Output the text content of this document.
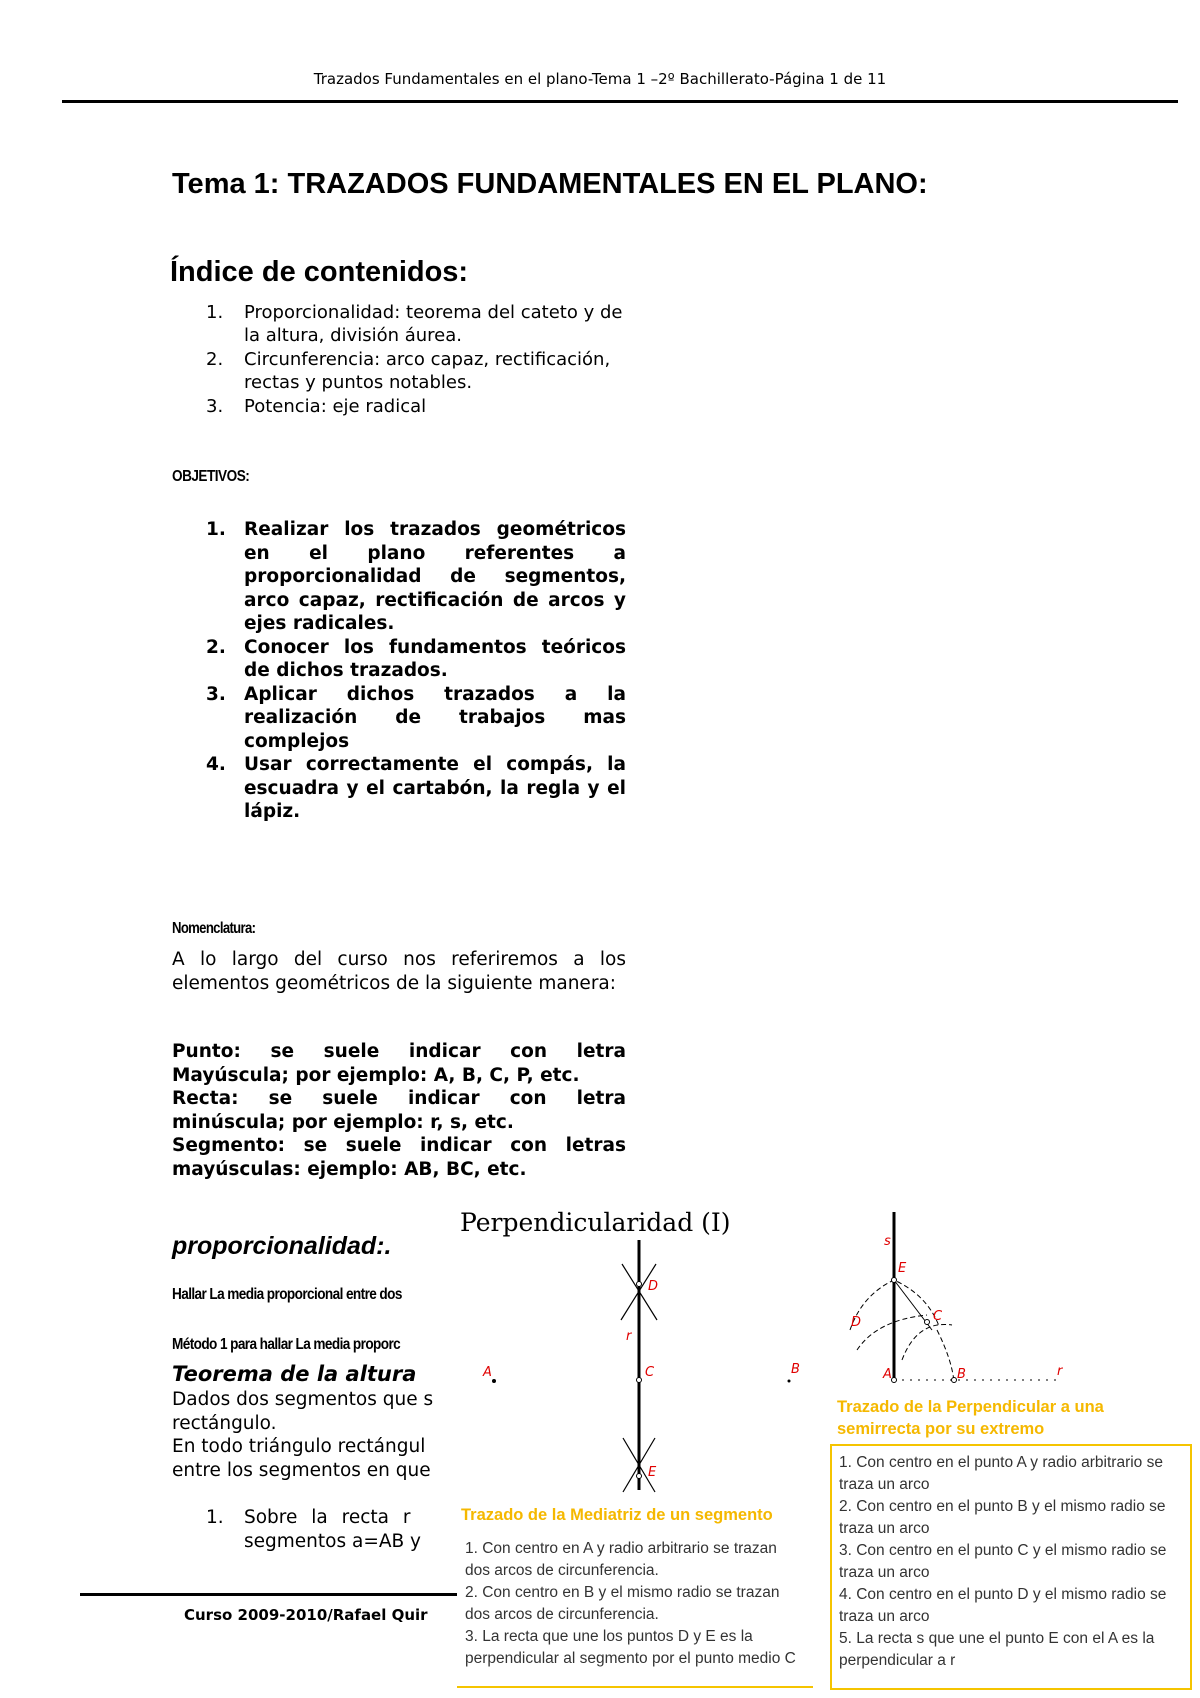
Trazados Fundamentales en el plano-Tema 1 –2º Bachillerato-Página 1 de 11
Tema 1: TRAZADOS FUNDAMENTALES EN EL PLANO:
Índice de contenidos:
1. Proporcionalidad: teorema del cateto y de la altura, división áurea.
2. Circunferencia: arco capaz, rectificación, rectas y puntos notables.
3. Potencia: eje radical
OBJETIVOS:
1. Realizar los trazados geométricos en el plano referentes a proporcionalidad de segmentos, arco capaz, rectificación de arcos y ejes radicales.
2. Conocer los fundamentos teóricos de dichos trazados.
3. Aplicar dichos trazados a la realización de trabajos mas complejos
4. Usar correctamente el compás, la escuadra y el cartabón, la regla y el lápiz.
Nomenclatura:
A lo largo del curso nos referiremos a los elementos geométricos de la siguiente manera:
Punto: se suele indicar con letra Mayúscula; por ejemplo: A, B, C, P, etc.
Recta: se suele indicar con letra minúscula; por ejemplo: r, s, etc.
Segmento: se suele indicar con letras mayúsculas: ejemplo: AB, BC, etc.
proporcionalidad:.
Hallar La media proporcional entre dos
Método 1 para hallar La media proporc
Teorema de la altura
Dados dos segmentos que s
rectángulo.
En todo triángulo rectángul
entre los segmentos en que
1.	Sobre la recta r
segmentos a=AB y
Curso 2009-2010/Rafael Quir
Perpendicularidad (I)
D
C
E
A	B
r
s
E
D	C
A	B	r
Trazado de la Mediatriz de un segmento
1. Con centro en A y radio arbitrario se trazan dos arcos de circunferencia.
2. Con centro en B y el mismo radio se trazan dos arcos de circunferencia.
3. La recta que une los puntos D y E es la perpendicular al segmento por el punto medio C
Trazado de la Perpendicular a una semirrecta por su extremo
1. Con centro en el punto A y radio arbitrario se traza un arco
2. Con centro en el punto B y el mismo radio se traza un arco
3. Con centro en el punto C y el mismo radio se traza un arco
4. Con centro en el punto D y el mismo radio se traza un arco
5. La recta s que une el punto E con el A es la perpendicular a r
